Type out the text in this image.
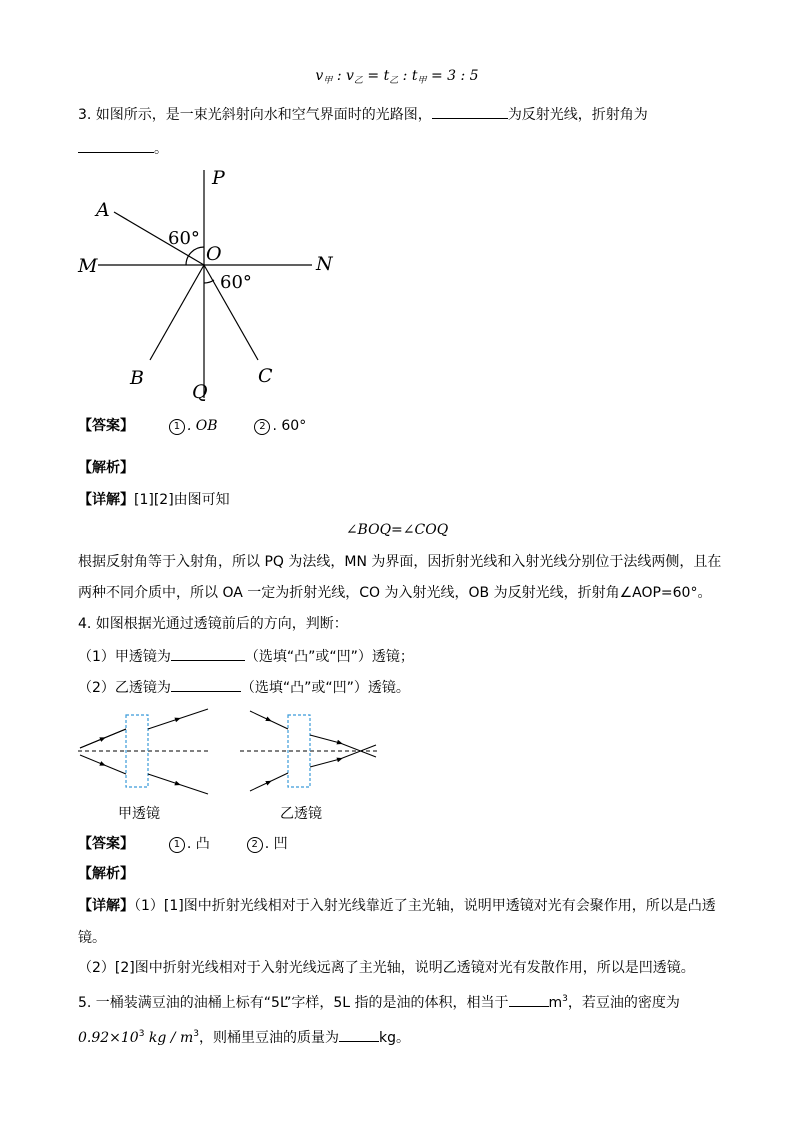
$v_甲$ : $v_乙 = t_乙$ : $t_甲 = 3$ : 5
3. 如图所示，是一束光斜射向水和空气界面时的光路图，	为反射光线，折射角为
。
P
Q
M	N
O
A
B	C
60°
60°
【答案】	1 . OB	2 . 60°
【解析】
【详解】[1][2]由图可知
∠BOQ=∠COQ
根据反射角等于入射角，所以 PQ 为法线，MN 为界面，因折射光线和入射光线分别位于法线两侧，且在
两种不同介质中，所以 OA 一定为折射光线，CO 为入射光线，OB 为反射光线，折射角∠AOP=60°。
4. 如图根据光通过透镜前后的方向，判断：
（1）甲透镜为	（选填“凸”或“凹”）透镜；
（2）乙透镜为	（选填“凸”或“凹”）透镜。
甲透镜	乙透镜
【答案】	1 . 凸	2 . 凹
【解析】
【详解】（1）[1]图中折射光线相对于入射光线靠近了主光轴，说明甲透镜对光有会聚作用，所以是凸透
镜。
（2）[2]图中折射光线相对于入射光线远离了主光轴，说明乙透镜对光有发散作用，所以是凹透镜。
5. 一桶装满豆油的油桶上标有“5L”字样，5L 指的是油的体积，相当于	$m^3$，若豆油的密度为
$0.92\times 10^3$ kg / $m^3$，则桶里豆油的质量为	kg。
